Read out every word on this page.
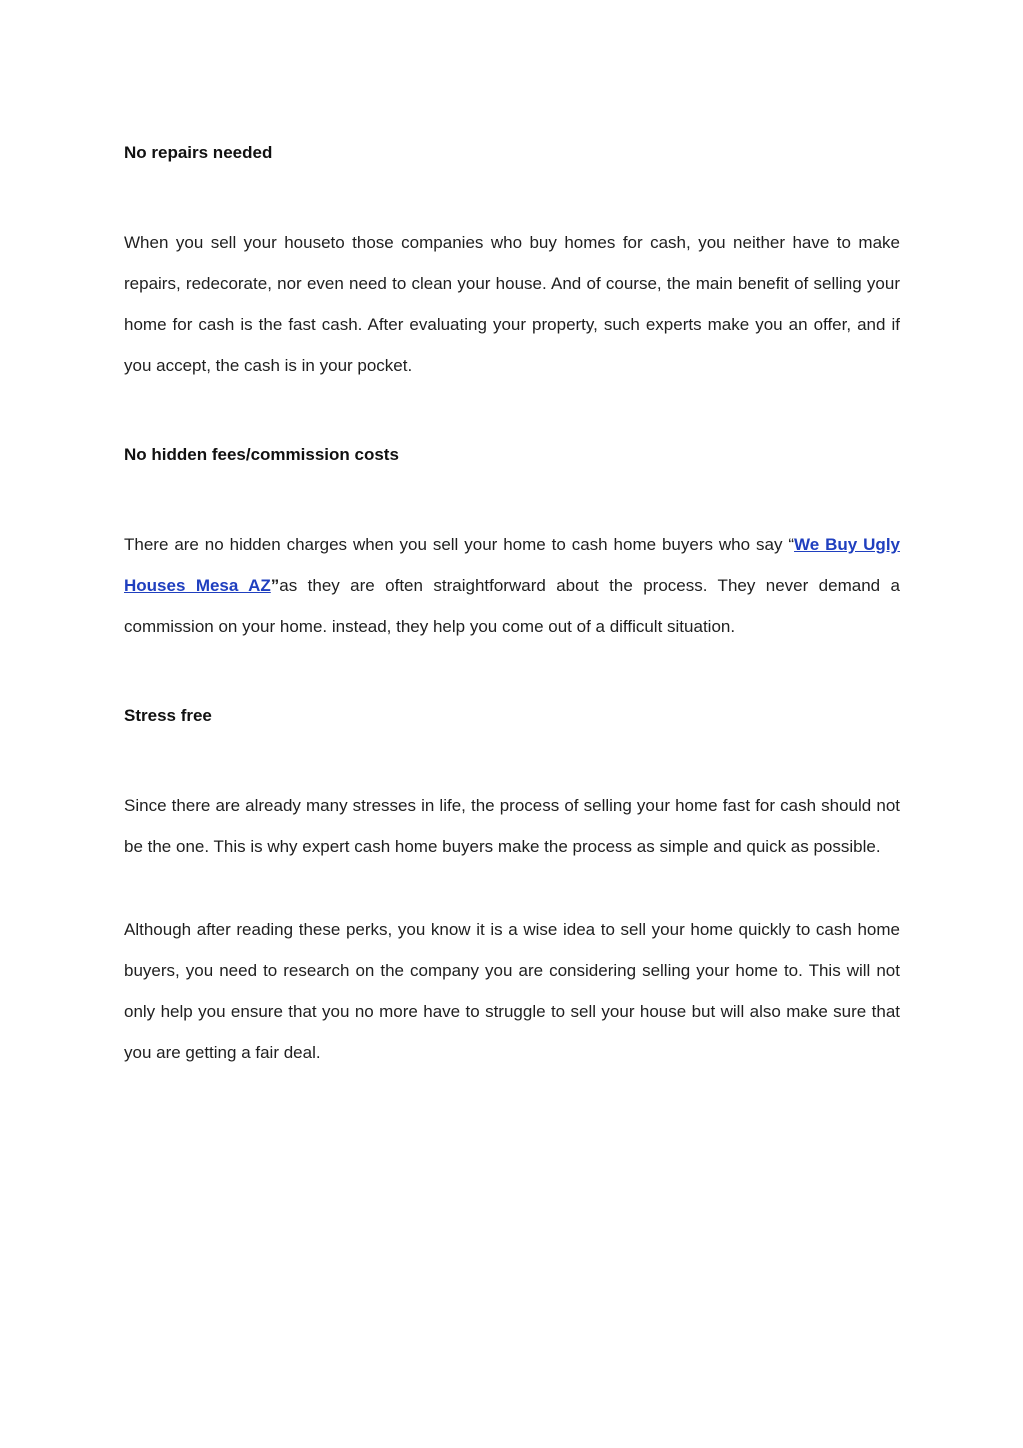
No repairs needed

When you sell your houseto those companies who buy homes for cash, you neither have to make repairs, redecorate, nor even need to clean your house. And of course, the main benefit of selling your home for cash is the fast cash. After evaluating your property, such experts make you an offer, and if you accept, the cash is in your pocket.

No hidden fees/commission costs

There are no hidden charges when you sell your home to cash home buyers who say “We Buy Ugly Houses Mesa AZ”as they are often straightforward about the process. They never demand a commission on your home. instead, they help you come out of a difficult situation.

Stress free

Since there are already many stresses in life, the process of selling your home fast for cash should not be the one. This is why expert cash home buyers make the process as simple and quick as possible.

Although after reading these perks, you know it is a wise idea to sell your home quickly to cash home buyers, you need to research on the company you are considering selling your home to. This will not only help you ensure that you no more have to struggle to sell your house but will also make sure that you are getting a fair deal.
